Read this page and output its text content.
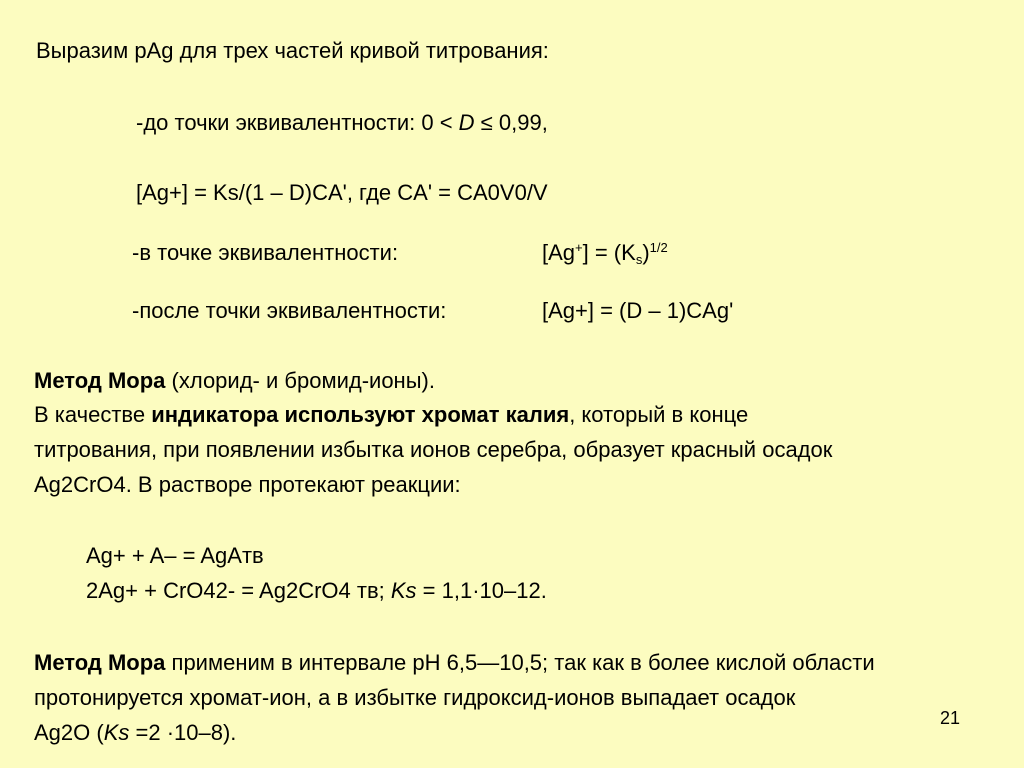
Выразим pAg для трех частей кривой титрования:
-до точки эквивалентности: 0 < D ≤ 0,99,
[Ag+] = Ks/(1 – D)CA', где CA' = CA0V0/V
-в точке эквивалентности:	$[Ag^+] = (K_s)^{1/2}$
-после точки эквивалентности:	[Ag+] = (D – 1)CAg'
Метод Мора (хлорид- и бромид-ионы).
В качестве индикатора используют хромат калия, который в конце
титрования, при появлении избытка ионов серебра, образует красный осадок
Ag2CrO4. В растворе протекают реакции:
Ag+ + A– = AgAтв
2Ag+ + CrO42- = Ag2CrO4 тв; Ks = 1,1·10–12.
Метод Мора применим в интервале pH 6,5—10,5; так как в более кислой области
протонируется хромат-ион, а в избытке гидроксид-ионов выпадает осадок
Ag2O (Ks =2 ·10–8).
21
